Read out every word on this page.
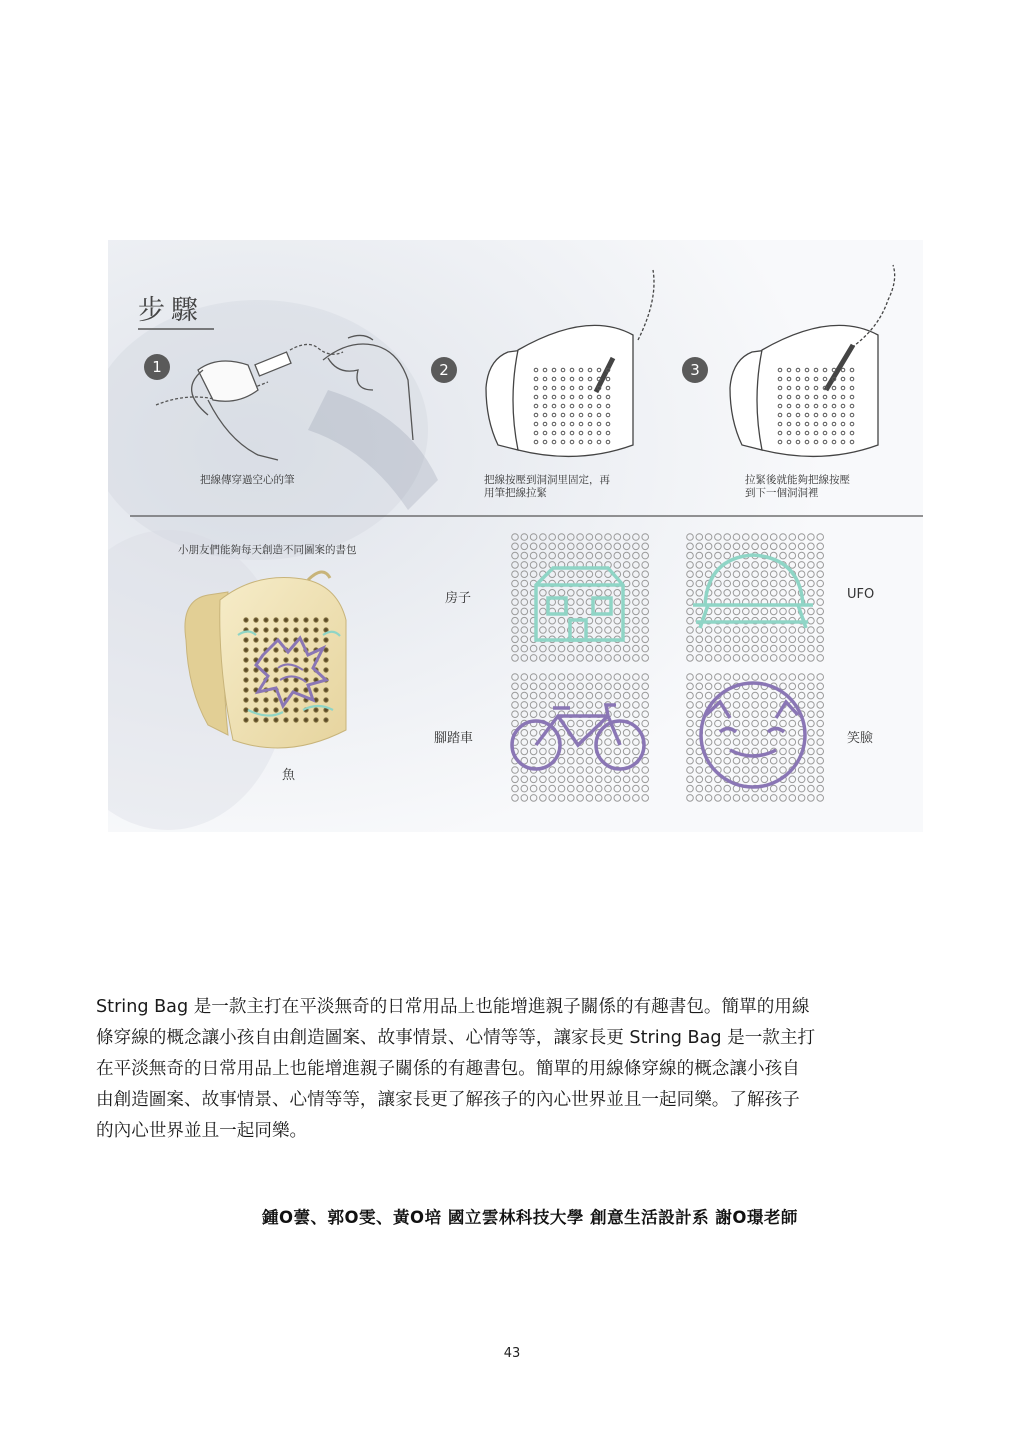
步驟
1	2	3
把線傳穿過空心的筆	把線按壓到洞洞里固定，再
用筆把線拉緊
拉緊後就能夠把線按壓
到下一個洞洞裡
小朋友們能夠每天創造不同圖案的書包
魚
房子	UFO
腳踏車	笑臉

String Bag 是一款主打在平淡無奇的日常用品上也能增進親子關係的有趣書包。簡單的用線
條穿線的概念讓小孩自由創造圖案、故事情景、心情等等，讓家長更 String Bag 是一款主打
在平淡無奇的日常用品上也能增進親子關係的有趣書包。簡單的用線條穿線的概念讓小孩自
由創造圖案、故事情景、心情等等，讓家長更了解孩子的內心世界並且一起同樂。了解孩子
的內心世界並且一起同樂。

鍾O蕓、郭O雯、黃O培 國立雲林科技大學 創意生活設計系 謝O璟老師
43
